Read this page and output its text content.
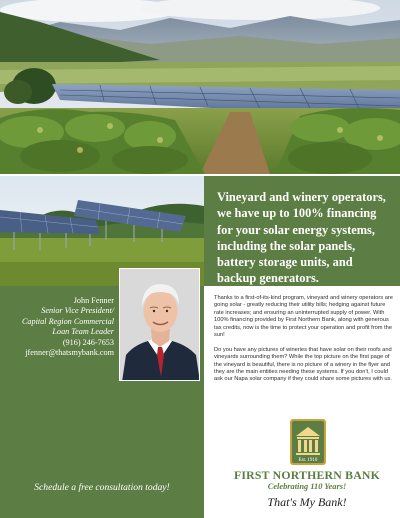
Vineyard and winery operators, we have up to 100% financing for your solar energy systems, including the solar panels, battery storage units, and backup generators.
John Fenner
Senior Vice President/
Capital Region Commercial
Loan Team Leader
(916) 246-7653
jfenner@thatsmybank.com
Schedule a free consultation today!

Thanks to a first-of-its-kind program, vineyard and winery operators are going solar - greatly reducing their utility bills; hedging against future rate increases; and ensuring an uninterrupted supply of power. With 100% financing provided by First Northern Bank, along with generous tax credits, now is the time to protect your operation and profit from the sun!

Do you have any pictures of wineries that have solar on their roofs and vineyards surrounding them? While the top picture on the first page of the vineyard is beautiful, there is no picture of a winery in the flyer and they are the main entities needing these systems. If you don't, I could ask our Napa solar company if they could share some pictures with us.

Est. 1910
FIRST NORTHERN BANK
Celebrating 110 Years!
That's My Bank!
